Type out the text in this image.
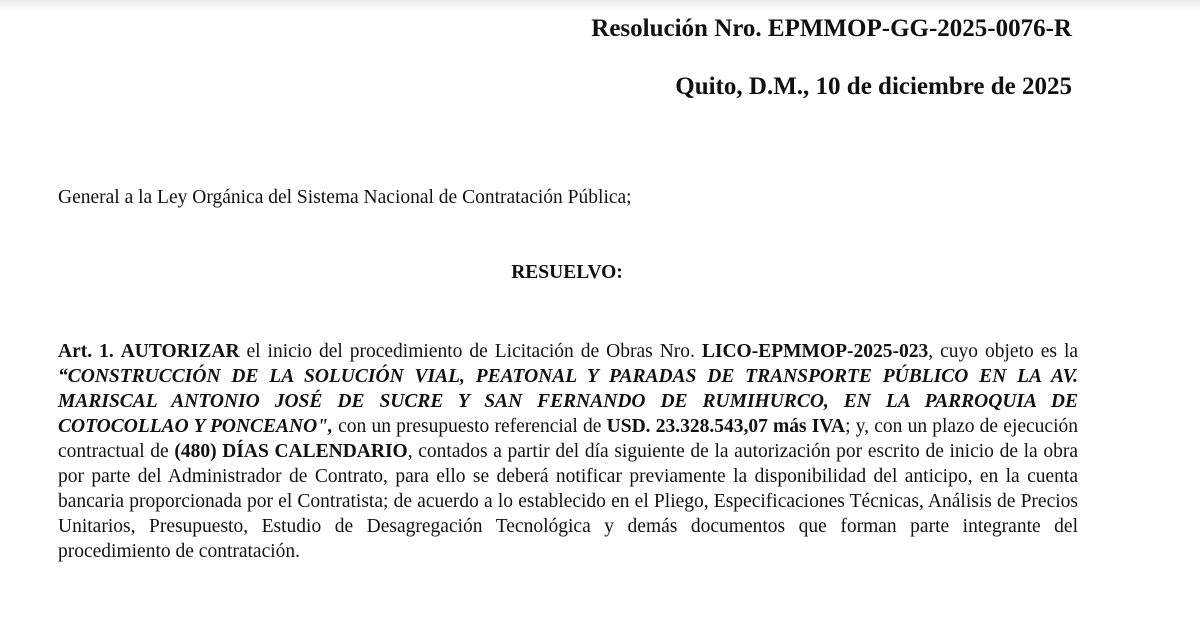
Resolución Nro. EPMMOP-GG-2025-0076-R
Quito, D.M., 10 de diciembre de 2025
General a la Ley Orgánica del Sistema Nacional de Contratación Pública;
RESUELVO:
Art. 1. AUTORIZAR el inicio del procedimiento de Licitación de Obras Nro. LICO-EPMMOP-2025-023, cuyo objeto es la “CONSTRUCCIÓN DE LA SOLUCIÓN VIAL, PEATONAL Y PARADAS DE TRANSPORTE PÚBLICO EN LA AV. MARISCAL ANTONIO JOSÉ DE SUCRE Y SAN FERNANDO DE RUMIHURCO, EN LA PARROQUIA DE COTOCOLLAO Y PONCEANO", con un presupuesto referencial de USD. 23.328.543,07 más IVA; y, con un plazo de ejecución contractual de (480) DÍAS CALENDARIO, contados a partir del día siguiente de la autorización por escrito de inicio de la obra por parte del Administrador de Contrato, para ello se deberá notificar previamente la disponibilidad del anticipo, en la cuenta bancaria proporcionada por el Contratista; de acuerdo a lo establecido en el Pliego, Especificaciones Técnicas, Análisis de Precios Unitarios, Presupuesto, Estudio de Desagregación Tecnológica y demás documentos que forman parte integrante del procedimiento de contratación.
